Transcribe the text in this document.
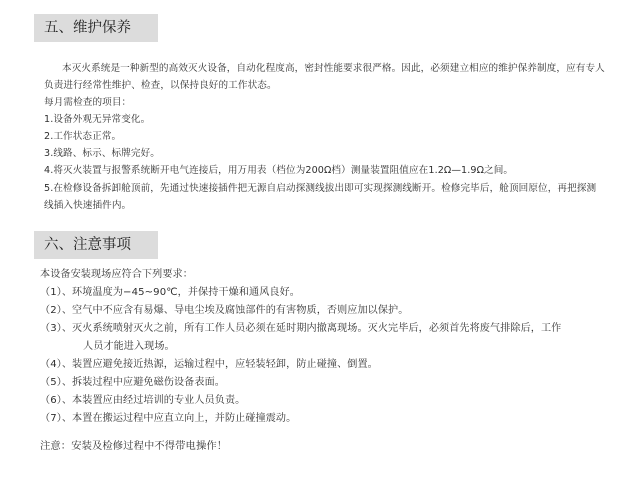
五、维护保养
本灭火系统是一种新型的高效灭火设备，自动化程度高，密封性能要求很严格。因此，必须建立相应的维护保养制度，应有专人
负责进行经常性维护、检查，以保持良好的工作状态。
每月需检查的项目：
1.设备外观无异常变化。
2.工作状态正常。
3.线路、标示、标牌完好。
4.将灭火装置与报警系统断开电气连接后，用万用表（档位为200Ω档）测量装置阻值应在1.2Ω—1.9Ω之间。
5.在检修设备拆卸舱顶前，先通过快速接插件把无源自启动探测线拔出即可实现探测线断开。检修完毕后，舱顶回原位，再把探测
线插入快速插件内。
六、注意事项
本设备安装现场应符合下列要求：
（1）、环境温度为−45~90℃，并保持干燥和通风良好。
（2）、空气中不应含有易爆、导电尘埃及腐蚀部件的有害物质，否则应加以保护。
（3）、灭火系统喷射灭火之前，所有工作人员必须在延时期内撤离现场。灭火完毕后，必须首先将废气排除后，工作
人员才能进入现场。
（4）、装置应避免接近热源，运输过程中，应轻装轻卸，防止碰撞、倒置。
（5）、拆装过程中应避免磁伤设备表面。
（6）、本装置应由经过培训的专业人员负责。
（7）、本置在搬运过程中应直立向上，并防止碰撞震动。
注意：安装及检修过程中不得带电操作！
